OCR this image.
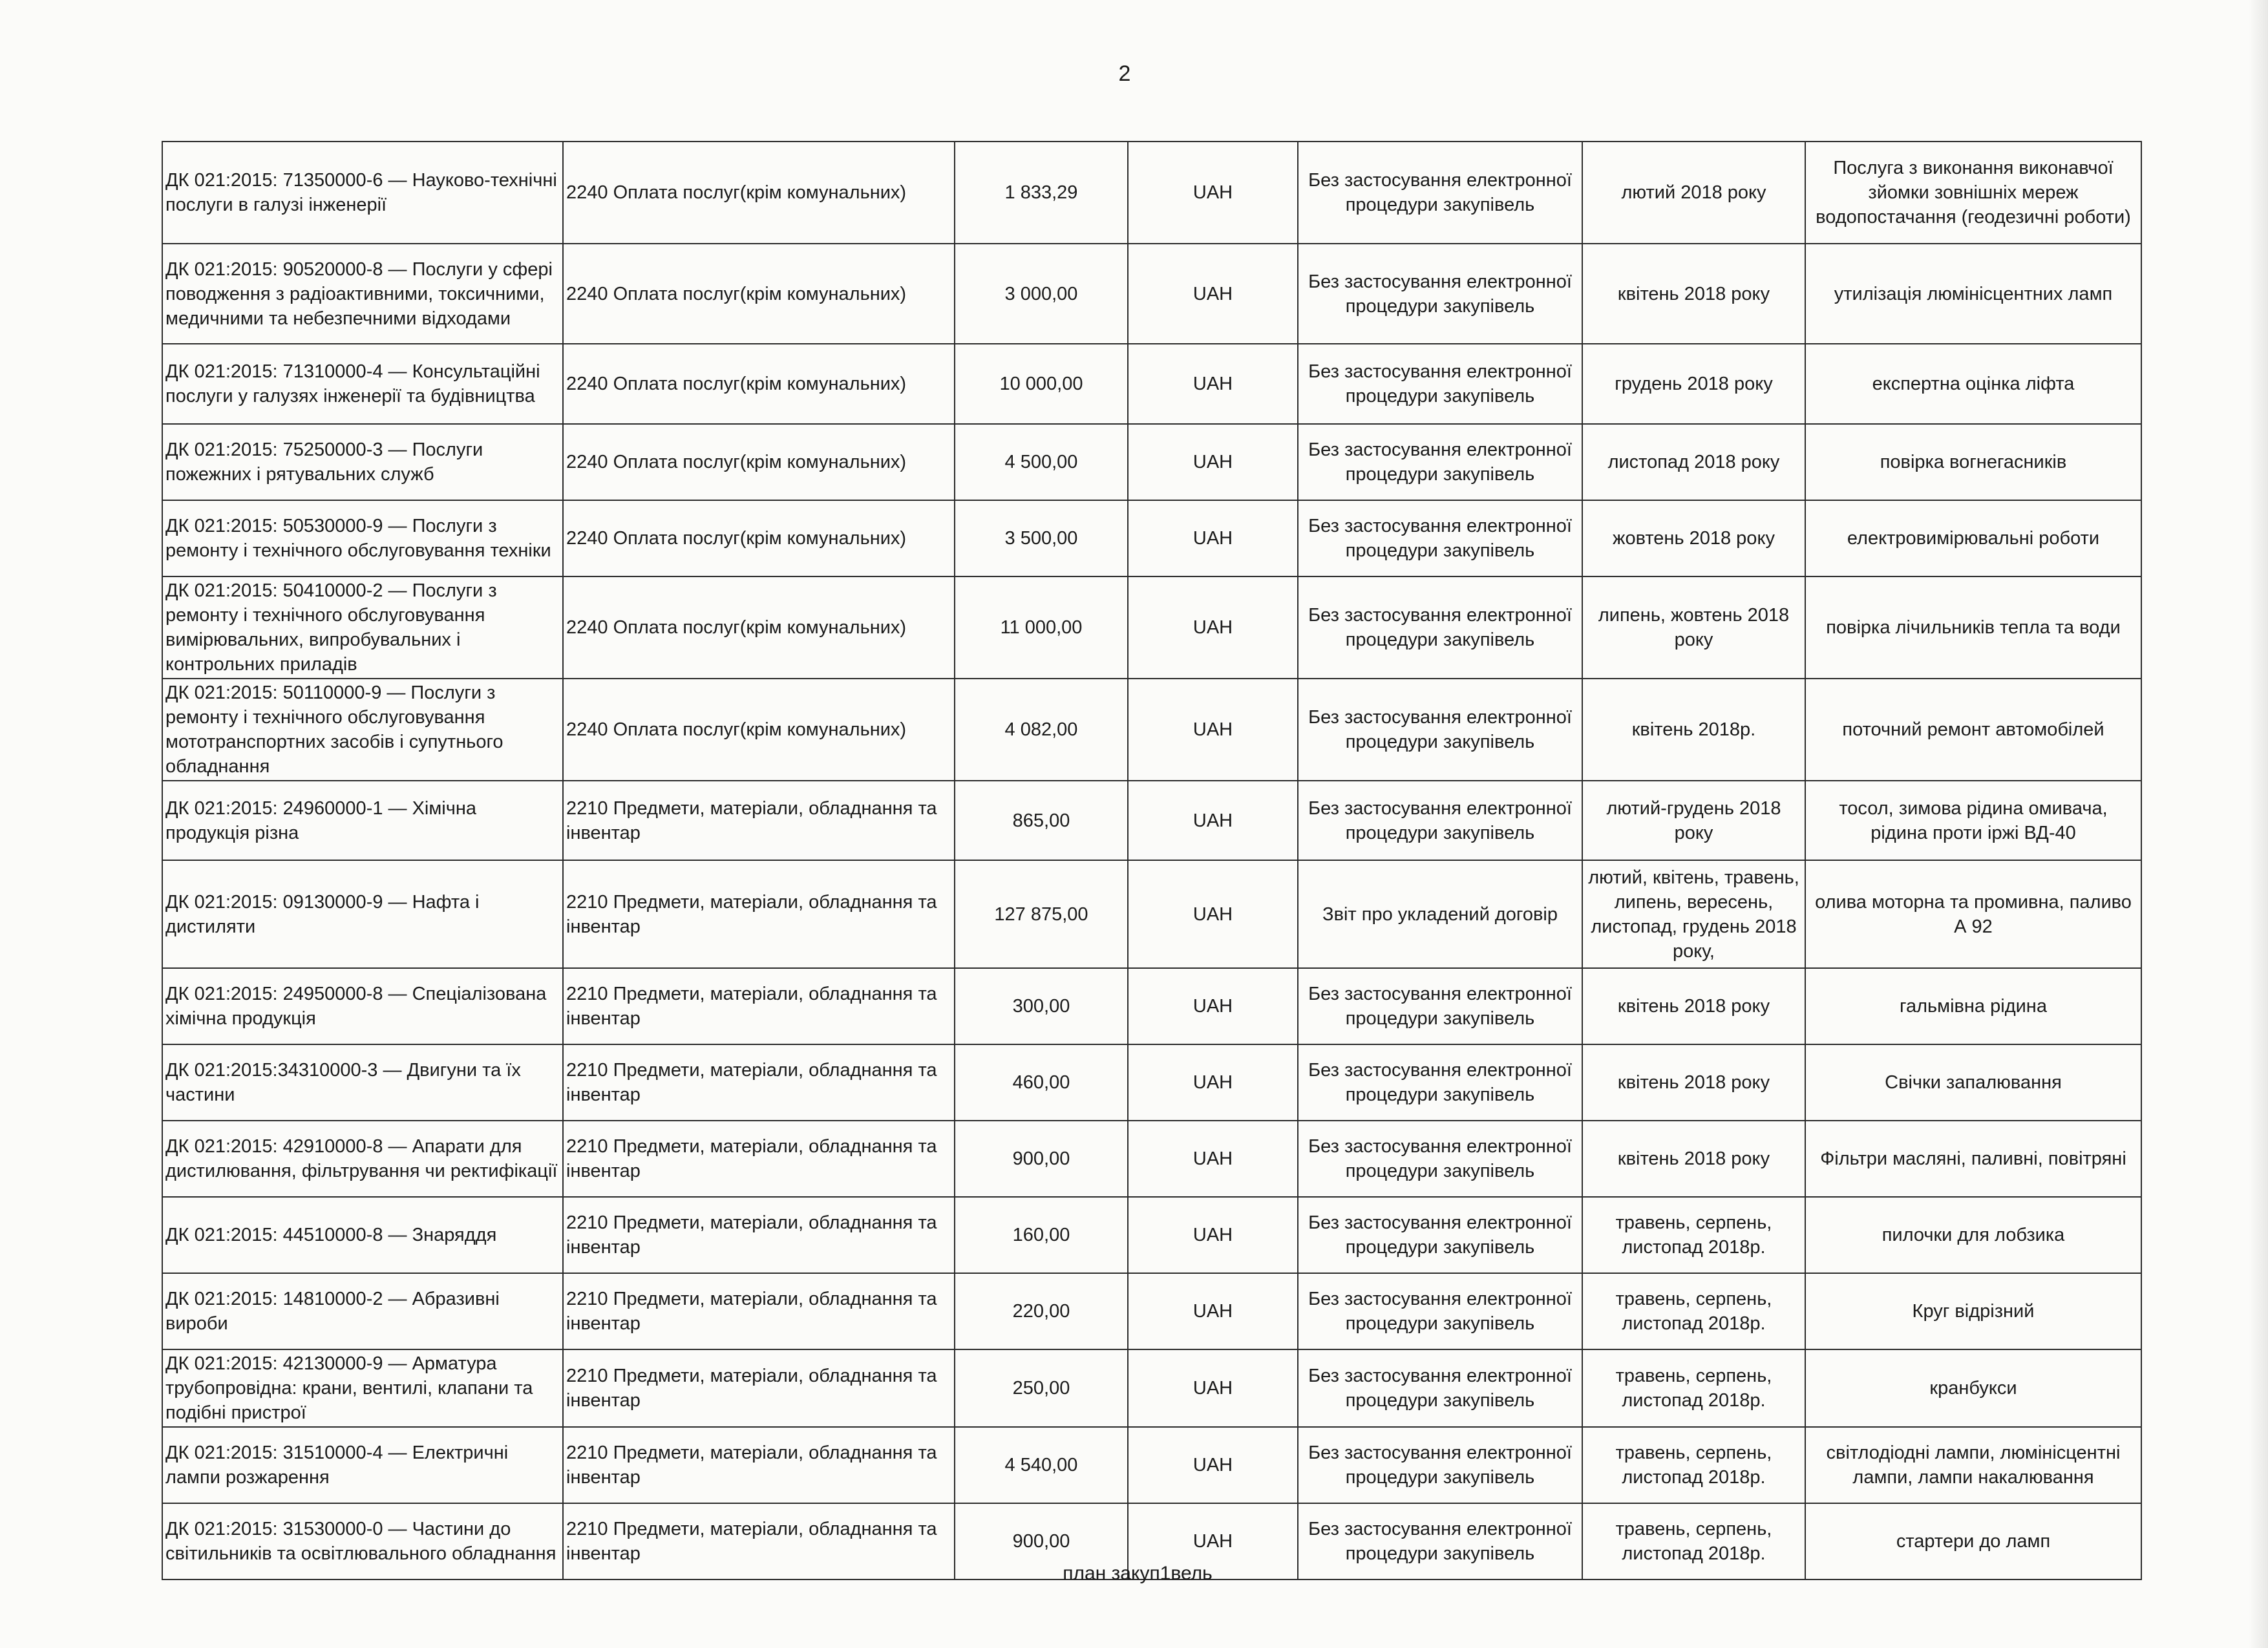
2
ДК 021:2015: 71350000-6 — Науково-технічні послуги в галузі інженерії	2240 Оплата послуг(крім комунальних)	1 833,29	UAH	Без застосування електронної процедури закупівель	лютий 2018 року	Послуга з виконання виконавчої зйомки зовнішніх мереж водопостачання (геодезичні роботи)
ДК 021:2015: 90520000-8 — Послуги у сфері поводження з радіоактивними, токсичними, медичними та небезпечними відходами	2240 Оплата послуг(крім комунальних)	3 000,00	UAH	Без застосування електронної процедури закупівель	квітень 2018 року	утилізація люмінісцентних ламп
ДК 021:2015: 71310000-4 — Консультаційні послуги у галузях інженерії та будівництва	2240 Оплата послуг(крім комунальних)	10 000,00	UAH	Без застосування електронної процедури закупівель	грудень 2018 року	експертна оцінка ліфта
ДК 021:2015: 75250000-3 — Послуги пожежних і рятувальних служб	2240 Оплата послуг(крім комунальних)	4 500,00	UAH	Без застосування електронної процедури закупівель	листопад 2018 року	повірка вогнегасників
ДК 021:2015: 50530000-9 — Послуги з ремонту і технічного обслуговування техніки	2240 Оплата послуг(крім комунальних)	3 500,00	UAH	Без застосування електронної процедури закупівель	жовтень 2018 року	електровимірювальні роботи
ДК 021:2015: 50410000-2 — Послуги з ремонту і технічного обслуговування вимірювальних, випробувальних і контрольних приладів	2240 Оплата послуг(крім комунальних)	11 000,00	UAH	Без застосування електронної процедури закупівель	липень, жовтень 2018 року	повірка лічильників тепла та води
ДК 021:2015: 50110000-9 — Послуги з ремонту і технічного обслуговування мототранспортних засобів і супутнього обладнання	2240 Оплата послуг(крім комунальних)	4 082,00	UAH	Без застосування електронної процедури закупівель	квітень 2018р.	поточний ремонт автомобілей
ДК 021:2015: 24960000-1 — Хімічна продукція різна	2210 Предмети, матеріали, обладнання та інвентар	865,00	UAH	Без застосування електронної процедури закупівель	лютий-грудень 2018 року	тосол, зимова рідина омивача, рідина проти іржі ВД-40
ДК 021:2015: 09130000-9 — Нафта і дистиляти	2210 Предмети, матеріали, обладнання та інвентар	127 875,00	UAH	Звіт про укладений договір	лютий, квітень, травень, липень, вересень, листопад, грудень 2018 року,	олива моторна та промивна, паливо А 92
ДК 021:2015: 24950000-8 — Спеціалізована хімічна продукція	2210 Предмети, матеріали, обладнання та інвентар	300,00	UAH	Без застосування електронної процедури закупівель	квітень 2018 року	гальмівна рідина
ДК 021:2015:34310000-3 — Двигуни та їх частини	2210 Предмети, матеріали, обладнання та інвентар	460,00	UAH	Без застосування електронної процедури закупівель	квітень 2018 року	Свічки запалювання
ДК 021:2015: 42910000-8 — Апарати для дистилювання, фільтрування чи ректифікації	2210 Предмети, матеріали, обладнання та інвентар	900,00	UAH	Без застосування електронної процедури закупівель	квітень 2018 року	Фільтри масляні, паливні, повітряні
ДК 021:2015: 44510000-8 — Знаряддя	2210 Предмети, матеріали, обладнання та інвентар	160,00	UAH	Без застосування електронної процедури закупівель	травень, серпень, листопад 2018р.	пилочки для лобзика
ДК 021:2015: 14810000-2 — Абразивні вироби	2210 Предмети, матеріали, обладнання та інвентар	220,00	UAH	Без застосування електронної процедури закупівель	травень, серпень, листопад 2018р.	Круг відрізний
ДК 021:2015: 42130000-9 — Арматура трубопровідна: крани, вентилі, клапани та подібні пристрої	2210 Предмети, матеріали, обладнання та інвентар	250,00	UAH	Без застосування електронної процедури закупівель	травень, серпень, листопад 2018р.	кранбукси
ДК 021:2015: 31510000-4 — Електричні лампи розжарення	2210 Предмети, матеріали, обладнання та інвентар	4 540,00	UAH	Без застосування електронної процедури закупівель	травень, серпень, листопад 2018р.	світлодіодні лампи, люмінісцентні лампи, лампи накалювання
ДК 021:2015: 31530000-0 — Частини до світильників та освітлювального обладнання	2210 Предмети, матеріали, обладнання та інвентар	900,00	UAH	Без застосування електронної процедури закупівель	травень, серпень, листопад 2018р.	стартери до ламп
план закуп1вель
